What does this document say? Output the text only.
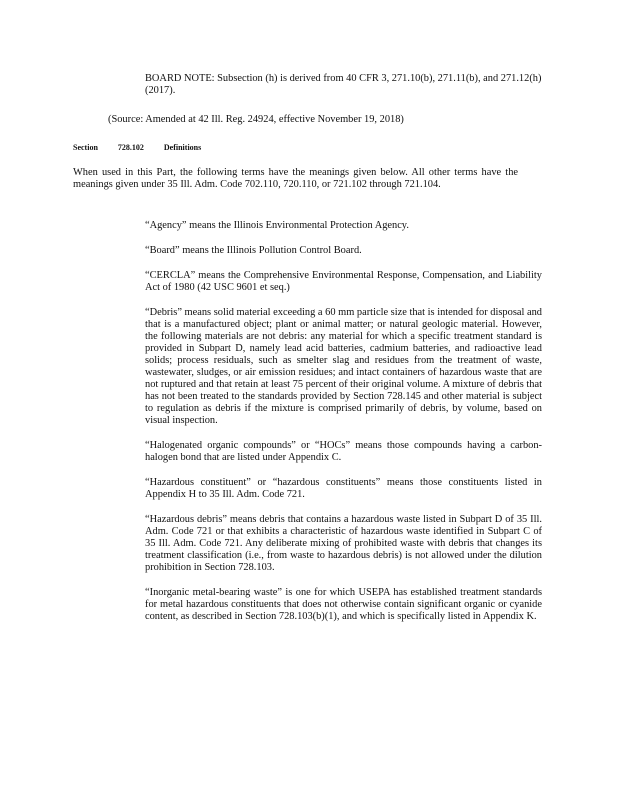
BOARD NOTE: Subsection (h) is derived from 40 CFR 3, 271.10(b), 271.11(b), and 271.12(h) (2017).

(Source: Amended at 42 Ill. Reg. 24924, effective November 19, 2018)

Section	728.102	Definitions

When used in this Part, the following terms have the meanings given below. All other terms have the meanings given under 35 Ill. Adm. Code 702.110, 720.110, or 721.102 through 721.104.

“Agency” means the Illinois Environmental Protection Agency.

“Board” means the Illinois Pollution Control Board.

“CERCLA” means the Comprehensive Environmental Response, Compensation, and Liability Act of 1980 (42 USC 9601 et seq.)

“Debris” means solid material exceeding a 60 mm particle size that is intended for disposal and that is a manufactured object; plant or animal matter; or natural geologic material. However, the following materials are not debris: any material for which a specific treatment standard is provided in Subpart D, namely lead acid batteries, cadmium batteries, and radioactive lead solids; process residuals, such as smelter slag and residues from the treatment of waste, wastewater, sludges, or air emission residues; and intact containers of hazardous waste that are not ruptured and that retain at least 75 percent of their original volume. A mixture of debris that has not been treated to the standards provided by Section 728.145 and other material is subject to regulation as debris if the mixture is comprised primarily of debris, by volume, based on visual inspection.

“Halogenated organic compounds” or “HOCs” means those compounds having a carbon-halogen bond that are listed under Appendix C.

“Hazardous constituent” or “hazardous constituents” means those constituents listed in Appendix H to 35 Ill. Adm. Code 721.

“Hazardous debris” means debris that contains a hazardous waste listed in Subpart D of 35 Ill. Adm. Code 721 or that exhibits a characteristic of hazardous waste identified in Subpart C of 35 Ill. Adm. Code 721. Any deliberate mixing of prohibited waste with debris that changes its treatment classification (i.e., from waste to hazardous debris) is not allowed under the dilution prohibition in Section 728.103.

“Inorganic metal-bearing waste” is one for which USEPA has established treatment standards for metal hazardous constituents that does not otherwise contain significant organic or cyanide content, as described in Section 728.103(b)(1), and which is specifically listed in Appendix K.
